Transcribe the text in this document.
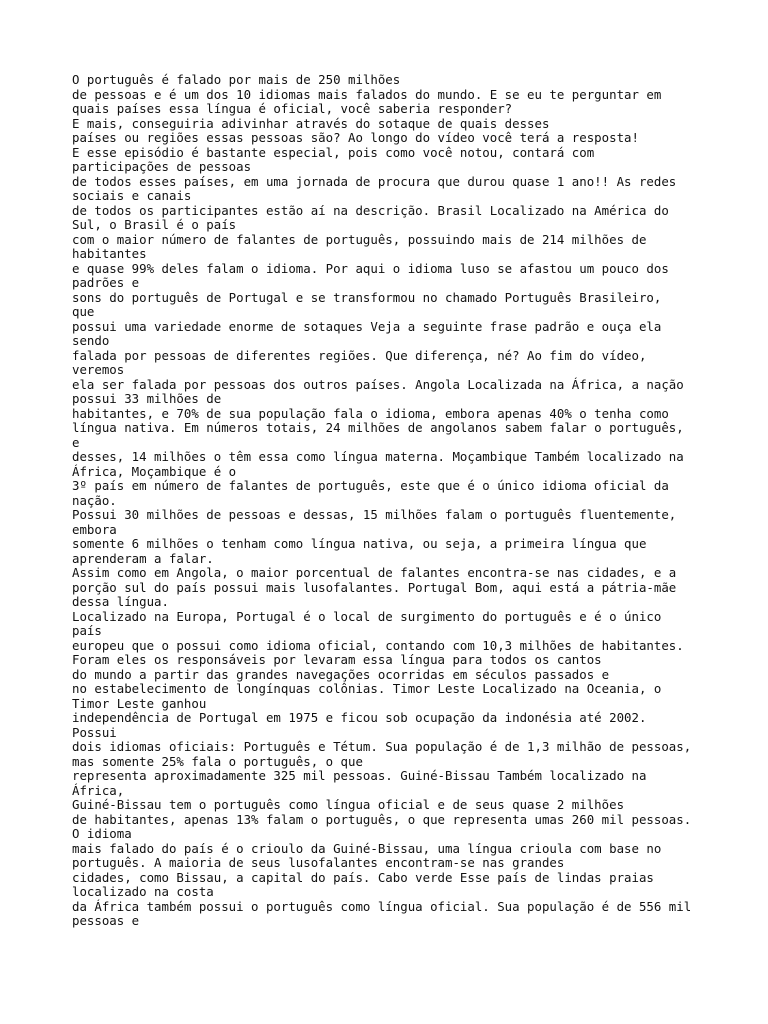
O português é falado por mais de 250 milhões
de pessoas e é um dos 10 idiomas mais falados do mundo. E se eu te perguntar em
quais países essa língua é oficial, você saberia responder?
E mais, conseguiria adivinhar através do sotaque de quais desses
países ou regiões essas pessoas são? Ao longo do vídeo você terá a resposta!
E esse episódio é bastante especial, pois como você notou, contará com
participações de pessoas
de todos esses países, em uma jornada de procura que durou quase 1 ano!! As redes
sociais e canais
de todos os participantes estão aí na descrição. Brasil Localizado na América do
Sul, o Brasil é o país
com o maior número de falantes de português, possuindo mais de 214 milhões de
habitantes
e quase 99% deles falam o idioma. Por aqui o idioma luso se afastou um pouco dos
padrões e
sons do português de Portugal e se transformou no chamado Português Brasileiro,
que
possui uma variedade enorme de sotaques Veja a seguinte frase padrão e ouça ela
sendo
falada por pessoas de diferentes regiões. Que diferença, né? Ao fim do vídeo,
veremos
ela ser falada por pessoas dos outros países. Angola Localizada na África, a nação
possui 33 milhões de
habitantes, e 70% de sua população fala o idioma, embora apenas 40% o tenha como
língua nativa. Em números totais, 24 milhões de angolanos sabem falar o português,
e
desses, 14 milhões o têm essa como língua materna. Moçambique Também localizado na
África, Moçambique é o
3º país em número de falantes de português, este que é o único idioma oficial da
nação.
Possui 30 milhões de pessoas e dessas, 15 milhões falam o português fluentemente,
embora
somente 6 milhões o tenham como língua nativa, ou seja, a primeira língua que
aprenderam a falar.
Assim como em Angola, o maior porcentual de falantes encontra-se nas cidades, e a
porção sul do país possui mais lusofalantes. Portugal Bom, aqui está a pátria-mãe
dessa língua.
Localizado na Europa, Portugal é o local de surgimento do português e é o único
país
europeu que o possui como idioma oficial, contando com 10,3 milhões de habitantes.
Foram eles os responsáveis por levaram essa língua para todos os cantos
do mundo a partir das grandes navegações ocorridas em séculos passados e
no estabelecimento de longínquas colônias. Timor Leste Localizado na Oceania, o
Timor Leste ganhou
independência de Portugal em 1975 e ficou sob ocupação da indonésia até 2002.
Possui
dois idiomas oficiais: Português e Tétum. Sua população é de 1,3 milhão de pessoas,
mas somente 25% fala o português, o que
representa aproximadamente 325 mil pessoas. Guiné-Bissau Também localizado na
África,
Guiné-Bissau tem o português como língua oficial e de seus quase 2 milhões
de habitantes, apenas 13% falam o português, o que representa umas 260 mil pessoas.
O idioma
mais falado do país é o crioulo da Guiné-Bissau, uma língua crioula com base no
português. A maioria de seus lusofalantes encontram-se nas grandes
cidades, como Bissau, a capital do país. Cabo verde Esse país de lindas praias
localizado na costa
da África também possui o português como língua oficial. Sua população é de 556 mil
pessoas e
